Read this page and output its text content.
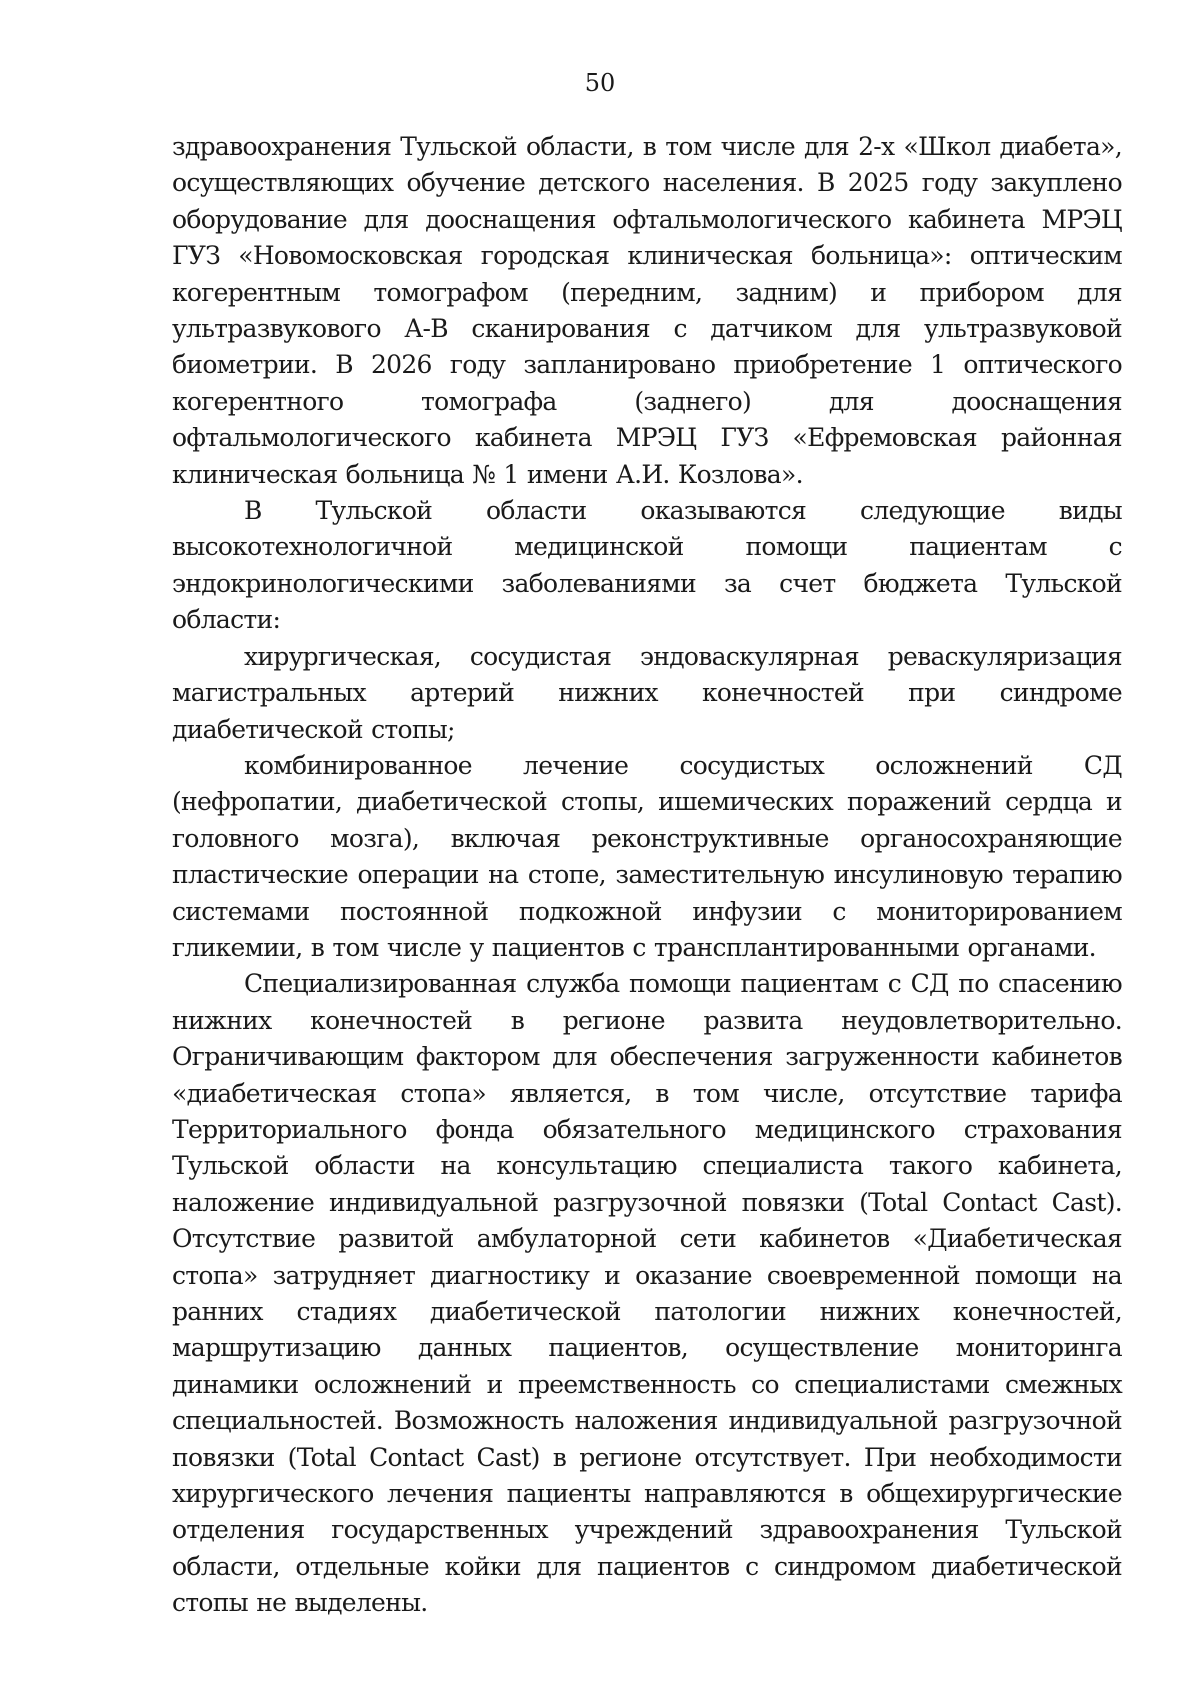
50

здравоохранения Тульской области, в том числе для 2-х «Школ диабета», осуществляющих обучение детского населения. В 2025 году закуплено оборудование для дооснащения офтальмологического кабинета МРЭЦ ГУЗ «Новомосковская городская клиническая больница»: оптическим когерентным томографом (передним, задним) и прибором для ультразвукового А-В сканирования с датчиком для ультразвуковой биометрии. В 2026 году запланировано приобретение 1 оптического когерентного томографа (заднего) для дооснащения офтальмологического кабинета МРЭЦ ГУЗ «Ефремовская районная клиническая больница № 1 имени А.И. Козлова».

В Тульской области оказываются следующие виды высокотехнологичной медицинской помощи пациентам с эндокринологическими заболеваниями за счет бюджета Тульской области:

хирургическая, сосудистая эндоваскулярная реваскуляризация магистральных артерий нижних конечностей при синдроме диабетической стопы;

комбинированное лечение сосудистых осложнений СД (нефропатии, диабетической стопы, ишемических поражений сердца и головного мозга), включая реконструктивные органосохраняющие пластические операции на стопе, заместительную инсулиновую терапию системами постоянной подкожной инфузии с мониторированием гликемии, в том числе у пациентов с трансплантированными органами.

Специализированная служба помощи пациентам с СД по спасению нижних конечностей в регионе развита неудовлетворительно. Ограничивающим фактором для обеспечения загруженности кабинетов «диабетическая стопа» является, в том числе, отсутствие тарифа Территориального фонда обязательного медицинского страхования Тульской области на консультацию специалиста такого кабинета, наложение индивидуальной разгрузочной повязки (Total Contact Cast). Отсутствие развитой амбулаторной сети кабинетов «Диабетическая стопа» затрудняет диагностику и оказание своевременной помощи на ранних стадиях диабетической патологии нижних конечностей, маршрутизацию данных пациентов, осуществление мониторинга динамики осложнений и преемственность со специалистами смежных специальностей. Возможность наложения индивидуальной разгрузочной повязки (Total Contact Cast) в регионе отсутствует. При необходимости хирургического лечения пациенты направляются в общехирургические отделения государственных учреждений здравоохранения Тульской области, отдельные койки для пациентов с синдромом диабетической стопы не выделены.
